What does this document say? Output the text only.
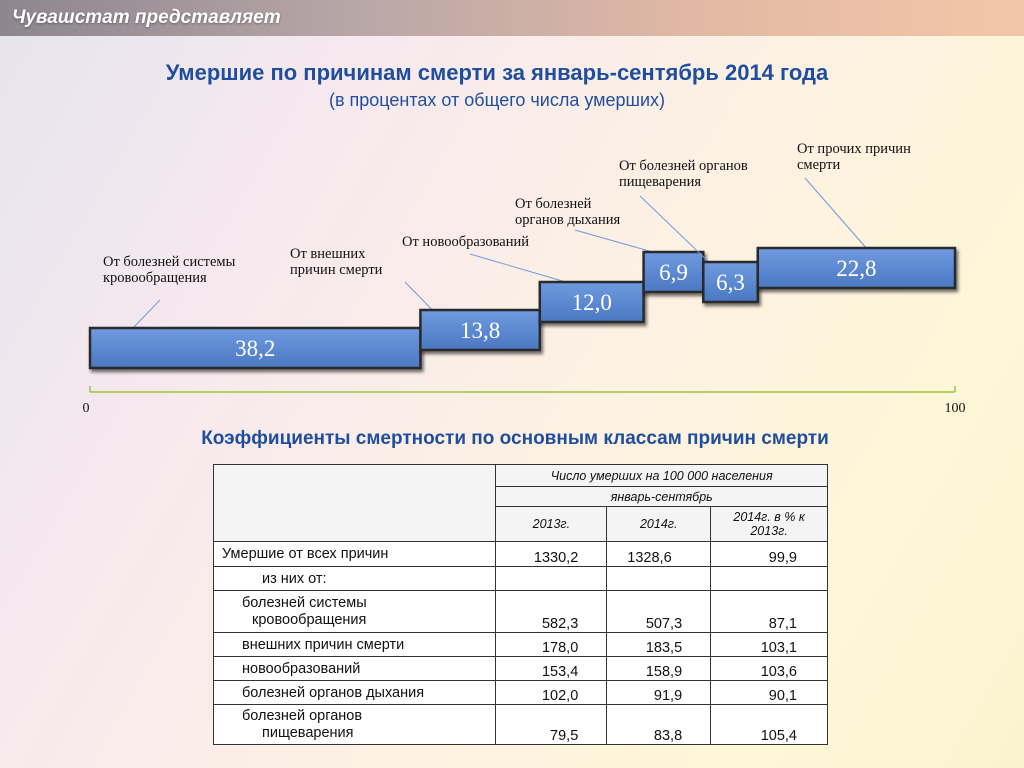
Чувашстат представляет
Умершие по причинам смерти за январь-сентябрь 2014 года
(в процентах от общего числа умерших)
0	100
38,2
От болезней системы кровообращения
13,8
От внешних причин смерти
12,0
От новообразований
6,9
От болезней органов дыхания
6,3
От болезней органов пищеварения
22,8
От прочих причин смерти
Коэффициенты смертности по основным классам причин смерти
	Число умерших на 100 000 населения		
	январь-сентябрь		
	2013г.	2014г.	2014г. в % к 2013г.
Умершие от всех причин	1330,2	1328,6	99,9
из них от:			

болезней системы
кровообращения	582,3	507,3	87,1
внешних причин смерти	178,0	183,5	103,1
новообразований	153,4	158,9	103,6
болезней органов дыхания	102,0	91,9	90,1

болезней органов
пищеварения	79,5	83,8	105,4
